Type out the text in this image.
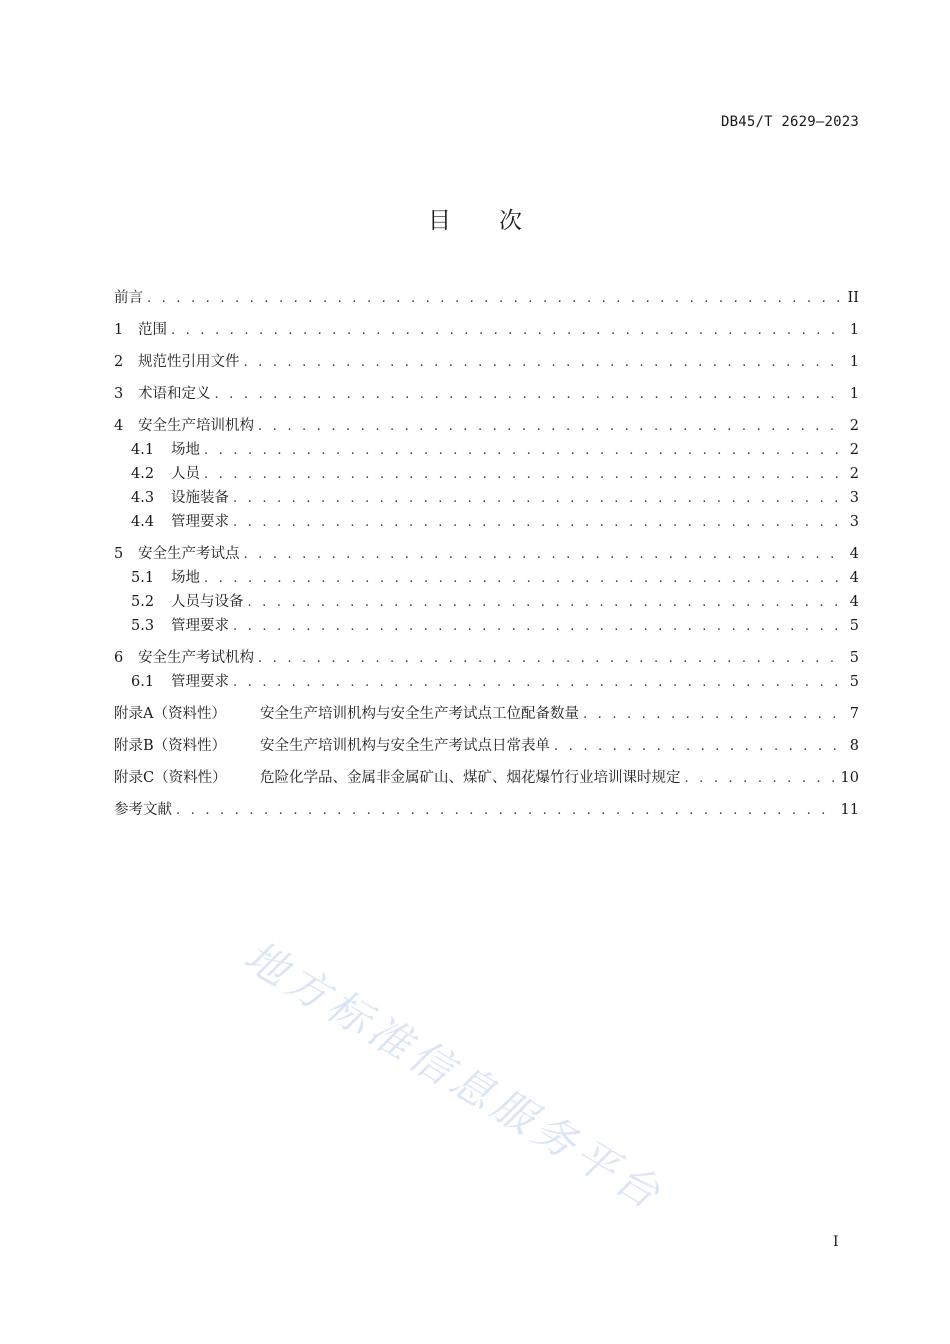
DB45/T 2629—2023
目次
前言 . . .	II
1	范围 . . .	1
2	规范性引用文件 . . .	1
3	术语和定义 . . .	1
4	安全生产培训机构 . . .	2
4.1	场地 . . .	2
4.2	人员 . . .	2
4.3	设施装备 . . .	3
4.4	管理要求 . . .	3
5	安全生产考试点 . . .	4
5.1	场地 . . .	4
5.2	人员与设备 . . .	4
5.3	管理要求 . . .	5
6	安全生产考试机构 . . .	5
6.1	管理要求 . . .	5
附录A（资料性）	安全生产培训机构与安全生产考试点工位配备数量 . . .	7
附录B（资料性）	安全生产培训机构与安全生产考试点日常表单 . . .	8
附录C（资料性）	危险化学品、金属非金属矿山、煤矿、烟花爆竹行业培训课时规定 . . .	10
参考文献 . . .	11
地方标准信息服务平台
I
